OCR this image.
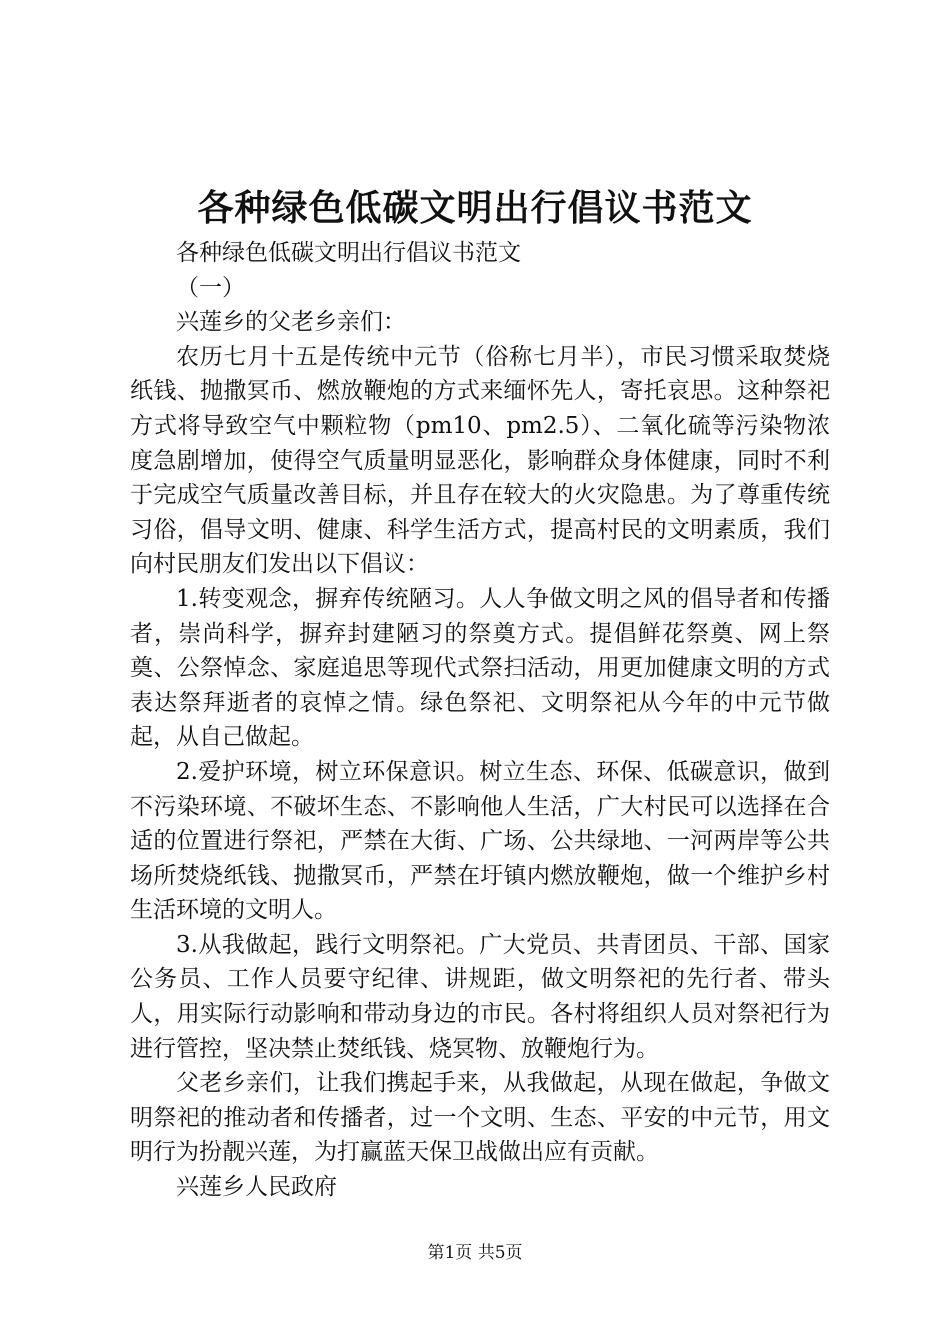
各种绿色低碳文明出行倡议书范文

各种绿色低碳文明出行倡议书范文

（一）

兴莲乡的父老乡亲们：

农历七月十五是传统中元节（俗称七月半），市民习惯采取焚烧纸钱、抛撒冥币、燃放鞭炮的方式来缅怀先人，寄托哀思。这种祭祀方式将导致空气中颗粒物（pm10、pm2.5）、二氧化硫等污染物浓度急剧增加，使得空气质量明显恶化，影响群众身体健康，同时不利于完成空气质量改善目标，并且存在较大的火灾隐患。为了尊重传统习俗，倡导文明、健康、科学生活方式，提高村民的文明素质，我们向村民朋友们发出以下倡议：

1.转变观念，摒弃传统陋习。人人争做文明之风的倡导者和传播者，崇尚科学，摒弃封建陋习的祭奠方式。提倡鲜花祭奠、网上祭奠、公祭悼念、家庭追思等现代式祭扫活动，用更加健康文明的方式表达祭拜逝者的哀悼之情。绿色祭祀、文明祭祀从今年的中元节做起，从自己做起。

2.爱护环境，树立环保意识。树立生态、环保、低碳意识，做到不污染环境、不破坏生态、不影响他人生活，广大村民可以选择在合适的位置进行祭祀，严禁在大街、广场、公共绿地、一河两岸等公共场所焚烧纸钱、抛撒冥币，严禁在圩镇内燃放鞭炮，做一个维护乡村生活环境的文明人。

3.从我做起，践行文明祭祀。广大党员、共青团员、干部、国家公务员、工作人员要守纪律、讲规距，做文明祭祀的先行者、带头人，用实际行动影响和带动身边的市民。各村将组织人员对祭祀行为进行管控，坚决禁止焚纸钱、烧冥物、放鞭炮行为。

父老乡亲们，让我们携起手来，从我做起，从现在做起，争做文明祭祀的推动者和传播者，过一个文明、生态、平安的中元节，用文明行为扮靓兴莲，为打赢蓝天保卫战做出应有贡献。

兴莲乡人民政府

第1页 共5页
